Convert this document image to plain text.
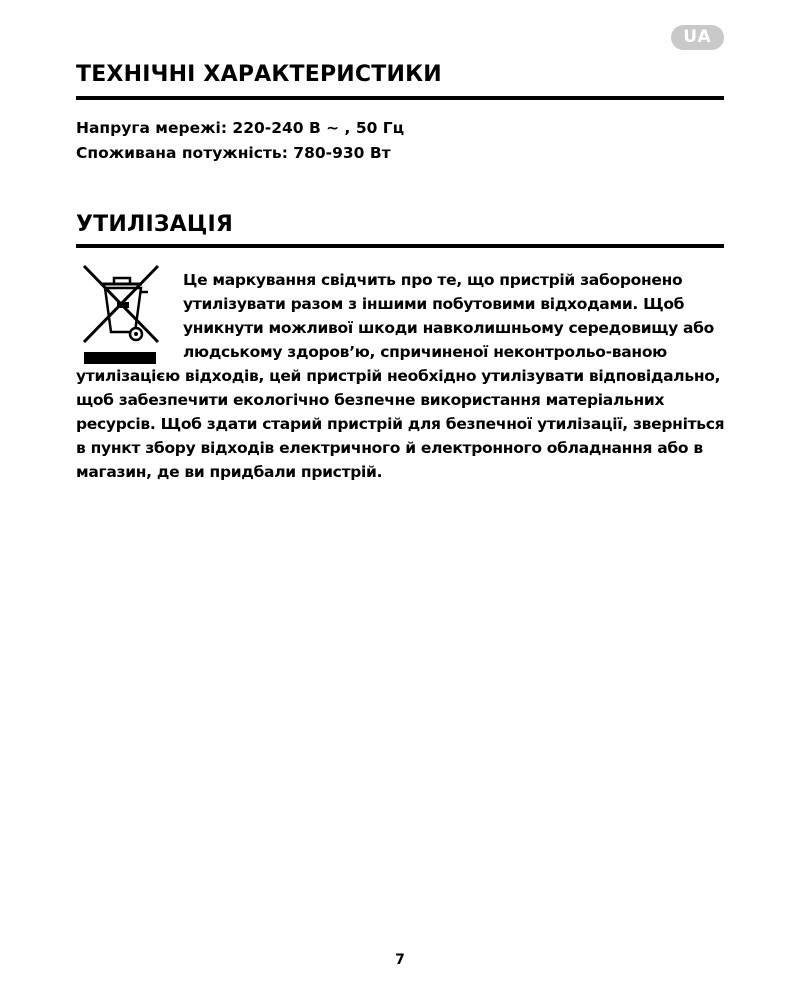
UA
ТЕХНІЧНІ ХАРАКТЕРИСТИКИ
Напруга мережі: 220-240 В ~ , 50 Гц
Споживана потужність: 780-930 Вт
УТИЛІЗАЦІЯ

Це маркування свідчить про те, що пристрій заборонено утилізувати разом з іншими побутовими відходами. Щоб уникнути можливої шкоди навколишньому середовищу або людському здоров’ю, спричиненої неконтрольо-ваною утилізацією відходів, цей пристрій необхідно утилізувати відповідально, щоб забезпечити екологічно безпечне використання матеріальних ресурсів. Щоб здати старий пристрій для безпечної утилізації, зверніться в пункт збору відходів електричного й електронного обладнання або в магазин, де ви придбали пристрій.

7
